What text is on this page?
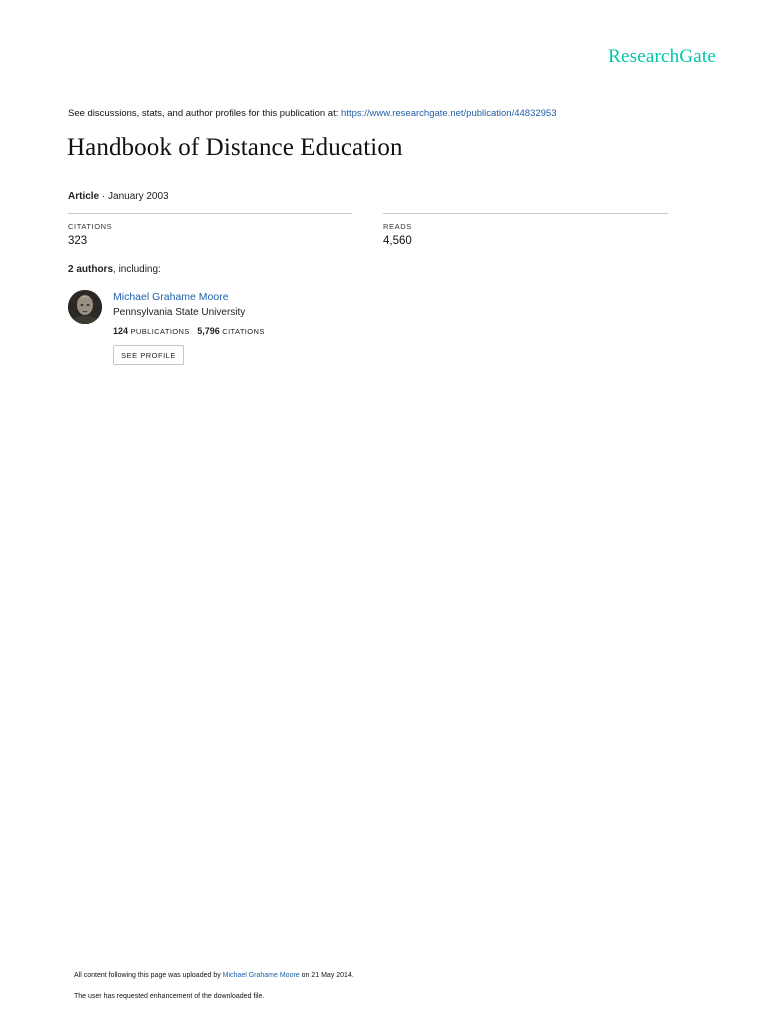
ResearchGate
See discussions, stats, and author profiles for this publication at: https://www.researchgate.net/publication/44832953
Handbook of Distance Education
Article · January 2003
CITATIONS
323
READS
4,560
2 authors, including:
Michael Grahame Moore
Pennsylvania State University
124 PUBLICATIONS 5,796 CITATIONS
SEE PROFILE
All content following this page was uploaded by Michael Grahame Moore on 21 May 2014.
The user has requested enhancement of the downloaded file.
